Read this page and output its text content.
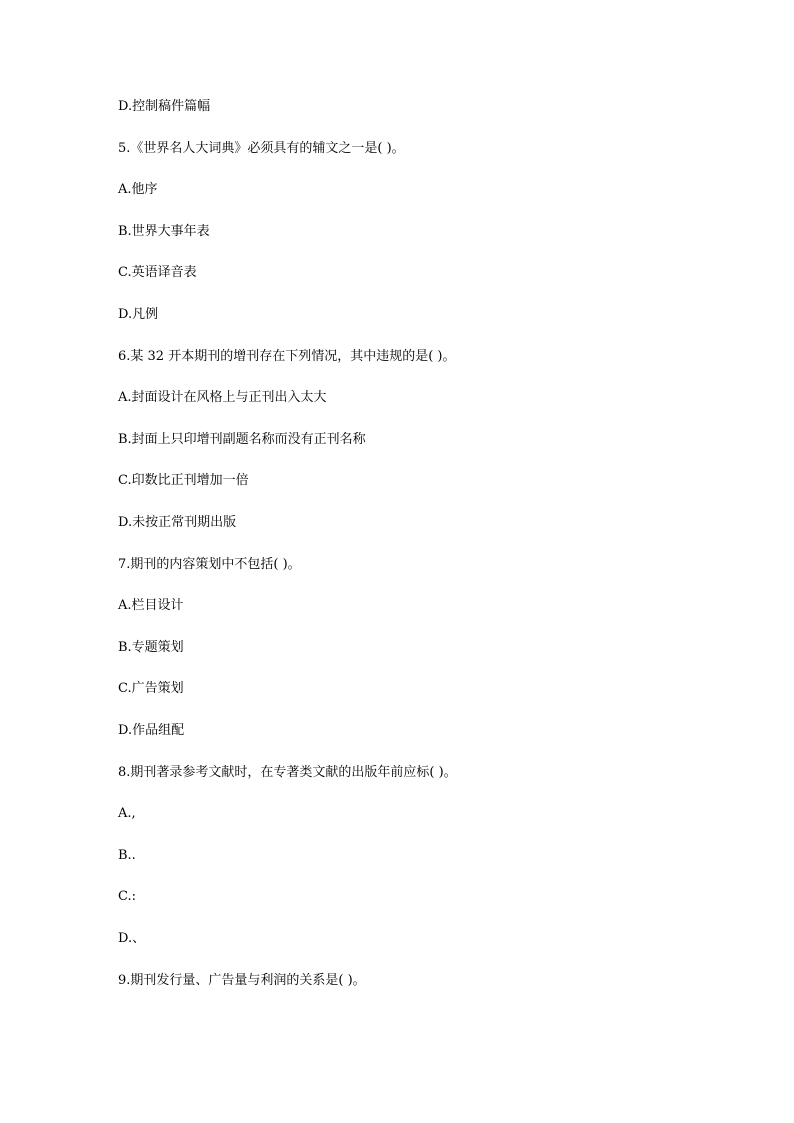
D.控制稿件篇幅

5.《世界名人大词典》必须具有的辅文之一是( )。

A.他序

B.世界大事年表

C.英语译音表

D.凡例

6.某 32 开本期刊的增刊存在下列情况，其中违规的是( )。

A.封面设计在风格上与正刊出入太大

B.封面上只印增刊副题名称而没有正刊名称

C.印数比正刊增加一倍

D.未按正常刊期出版

7.期刊的内容策划中不包括( )。

A.栏目设计

B.专题策划

C.广告策划

D.作品组配

8.期刊著录参考文献时，在专著类文献的出版年前应标( )。

A.,

B..

C.:

D.、

9.期刊发行量、广告量与利润的关系是( )。
